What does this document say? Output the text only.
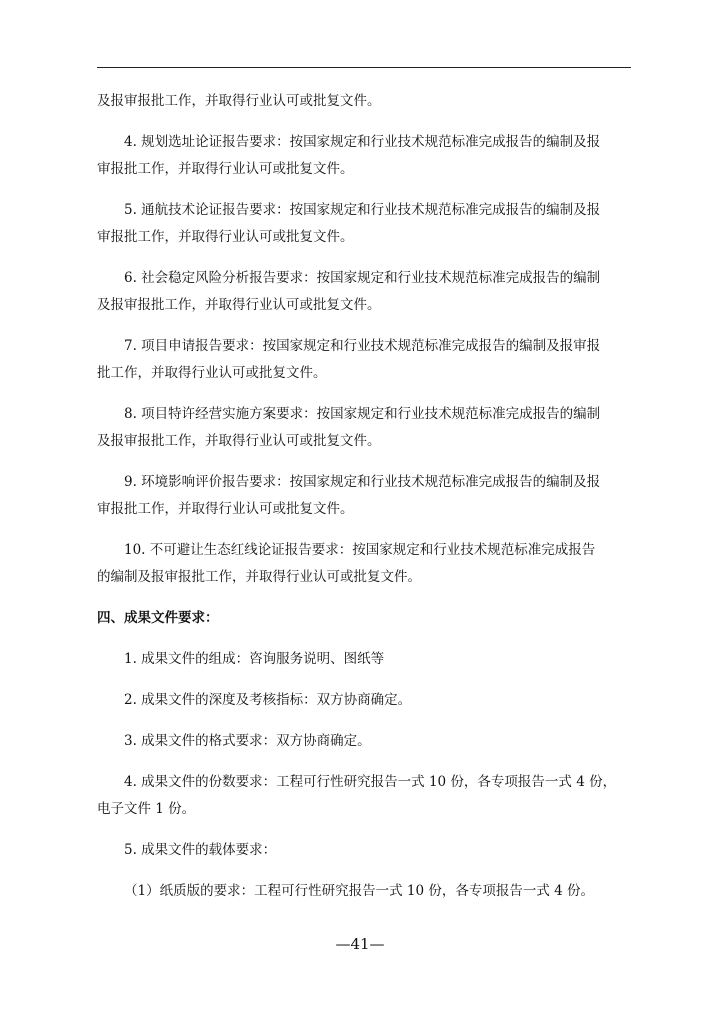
及报审报批工作，并取得行业认可或批复文件。

4. 规划选址论证报告要求：按国家规定和行业技术规范标准完成报告的编制及报
审报批工作，并取得行业认可或批复文件。

5. 通航技术论证报告要求：按国家规定和行业技术规范标准完成报告的编制及报
审报批工作，并取得行业认可或批复文件。

6. 社会稳定风险分析报告要求：按国家规定和行业技术规范标准完成报告的编制
及报审报批工作，并取得行业认可或批复文件。

7. 项目申请报告要求：按国家规定和行业技术规范标准完成报告的编制及报审报
批工作，并取得行业认可或批复文件。

8. 项目特许经营实施方案要求：按国家规定和行业技术规范标准完成报告的编制
及报审报批工作，并取得行业认可或批复文件。

9. 环境影响评价报告要求：按国家规定和行业技术规范标准完成报告的编制及报
审报批工作，并取得行业认可或批复文件。

10. 不可避让生态红线论证报告要求：按国家规定和行业技术规范标准完成报告
的编制及报审报批工作，并取得行业认可或批复文件。

四、成果文件要求：
1. 成果文件的组成：咨询服务说明、图纸等
2. 成果文件的深度及考核指标：双方协商确定。
3. 成果文件的格式要求：双方协商确定。

4. 成果文件的份数要求：工程可行性研究报告一式 10 份，各专项报告一式 4 份，
电子文件 1 份。

5. 成果文件的载体要求：
（1）纸质版的要求：工程可行性研究报告一式 10 份，各专项报告一式 4 份。
—41—
